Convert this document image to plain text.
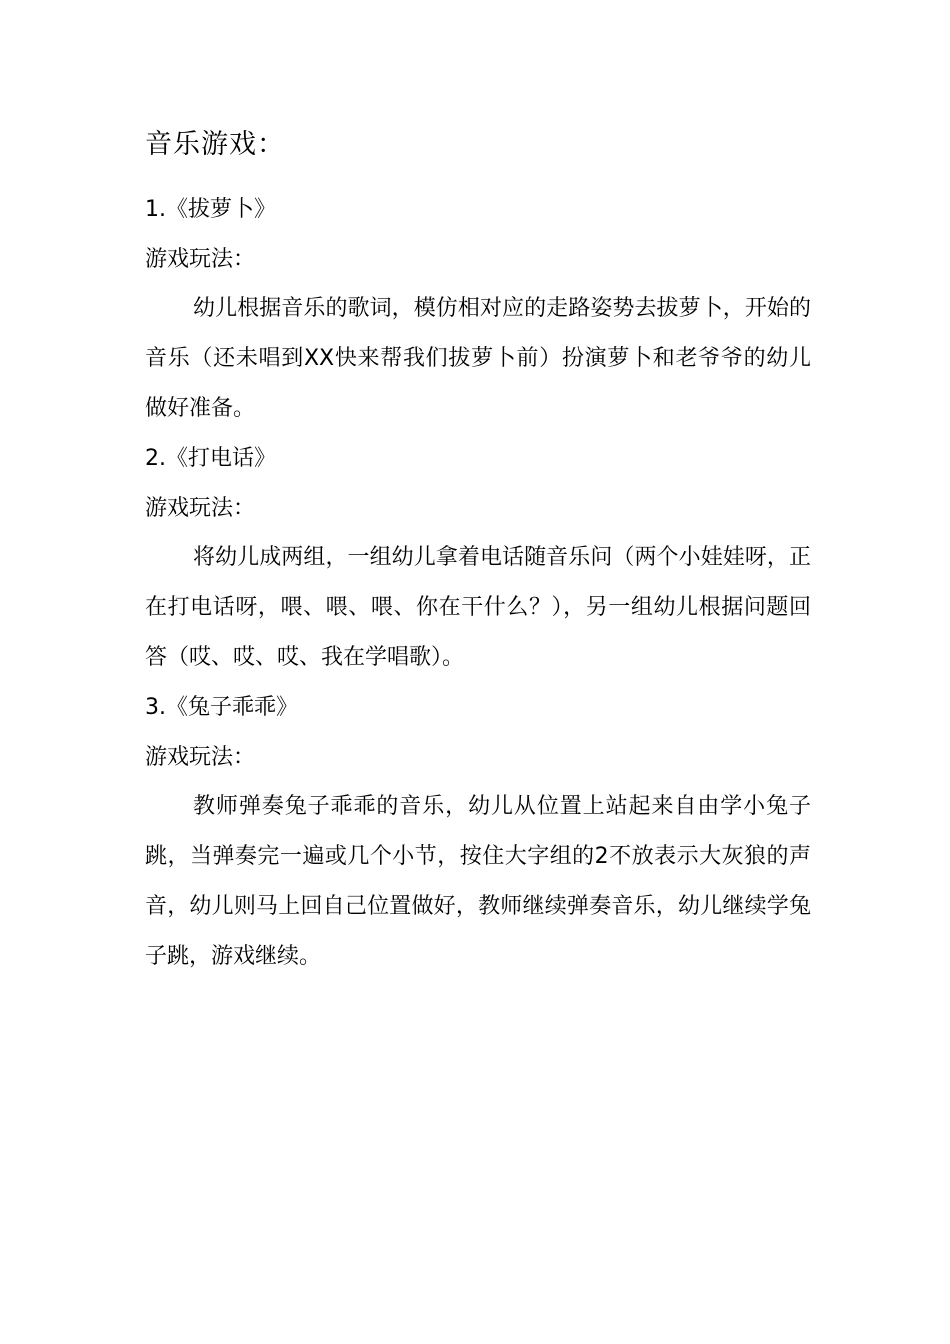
音乐游戏：
1.《拔萝卜》
游戏玩法：
幼儿根据音乐的歌词，模仿相对应的走路姿势去拔萝卜，开始的音乐（还未唱到XX快来帮我们拔萝卜前）扮演萝卜和老爷爷的幼儿做好准备。
2.《打电话》
游戏玩法：
将幼儿成两组，一组幼儿拿着电话随音乐问（两个小娃娃呀，正在打电话呀，喂、喂、喂、你在干什么？），另一组幼儿根据问题回答（哎、哎、哎、我在学唱歌）。
3.《兔子乖乖》
游戏玩法：
教师弹奏兔子乖乖的音乐，幼儿从位置上站起来自由学小兔子跳，当弹奏完一遍或几个小节，按住大字组的2不放表示大灰狼的声音，幼儿则马上回自己位置做好，教师继续弹奏音乐，幼儿继续学兔子跳，游戏继续。
